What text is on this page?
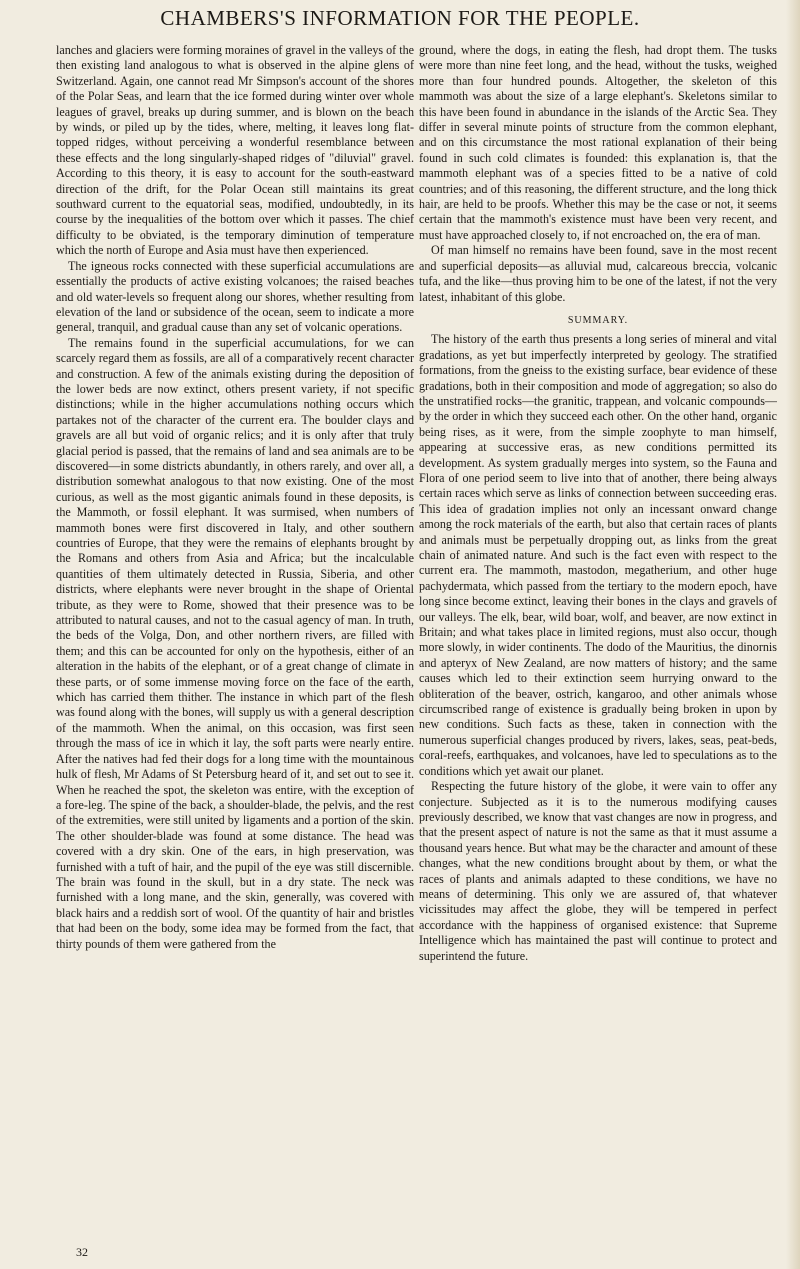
CHAMBERS'S INFORMATION FOR THE PEOPLE.

lanches and glaciers were forming moraines of gravel in the valleys of the then existing land analogous to what is observed in the alpine glens of Switzerland. Again, one cannot read Mr Simpson's account of the shores of the Polar Seas, and learn that the ice formed during winter over whole leagues of gravel, breaks up during summer, and is blown on the beach by winds, or piled up by the tides, where, melting, it leaves long flat-topped ridges, without perceiving a wonderful resemblance between these effects and the long singularly-shaped ridges of "diluvial" gravel. According to this theory, it is easy to account for the south-eastward direction of the drift, for the Polar Ocean still maintains its great southward current to the equatorial seas, modified, undoubtedly, in its course by the inequalities of the bottom over which it passes. The chief difficulty to be obviated, is the temporary diminution of temperature which the north of Europe and Asia must have then experienced.

The igneous rocks connected with these superficial accumulations are essentially the products of active existing volcanoes; the raised beaches and old water-levels so frequent along our shores, whether resulting from elevation of the land or subsidence of the ocean, seem to indicate a more general, tranquil, and gradual cause than any set of volcanic operations.

The remains found in the superficial accumulations, for we can scarcely regard them as fossils, are all of a comparatively recent character and construction. A few of the animals existing during the deposition of the lower beds are now extinct, others present variety, if not specific distinctions; while in the higher accumulations nothing occurs which partakes not of the character of the current era. The boulder clays and gravels are all but void of organic relics; and it is only after that truly glacial period is passed, that the remains of land and sea animals are to be discovered—in some districts abundantly, in others rarely, and over all, a distribution somewhat analogous to that now existing. One of the most curious, as well as the most gigantic animals found in these deposits, is the Mammoth, or fossil elephant. It was surmised, when numbers of mammoth bones were first discovered in Italy, and other southern countries of Europe, that they were the remains of elephants brought by the Romans and others from Asia and Africa; but the incalculable quantities of them ultimately detected in Russia, Siberia, and other districts, where elephants were never brought in the shape of Oriental tribute, as they were to Rome, showed that their presence was to be attributed to natural causes, and not to the casual agency of man. In truth, the beds of the Volga, Don, and other northern rivers, are filled with them; and this can be accounted for only on the hypothesis, either of an alteration in the habits of the elephant, or of a great change of climate in these parts, or of some immense moving force on the face of the earth, which has carried them thither. The instance in which part of the flesh was found along with the bones, will supply us with a general description of the mammoth. When the animal, on this occasion, was first seen through the mass of ice in which it lay, the soft parts were nearly entire. After the natives had fed their dogs for a long time with the mountainous hulk of flesh, Mr Adams of St Petersburg heard of it, and set out to see it. When he reached the spot, the skeleton was entire, with the exception of a fore-leg. The spine of the back, a shoulder-blade, the pelvis, and the rest of the extremities, were still united by ligaments and a portion of the skin. The other shoulder-blade was found at some distance. The head was covered with a dry skin. One of the ears, in high preservation, was furnished with a tuft of hair, and the pupil of the eye was still discernible. The brain was found in the skull, but in a dry state. The neck was furnished with a long mane, and the skin, generally, was covered with black hairs and a reddish sort of wool. Of the quantity of hair and bristles that had been on the body, some idea may be formed from the fact, that thirty pounds of them were gathered from the

ground, where the dogs, in eating the flesh, had dropt them. The tusks were more than nine feet long, and the head, without the tusks, weighed more than four hundred pounds. Altogether, the skeleton of this mammoth was about the size of a large elephant's. Skeletons similar to this have been found in abundance in the islands of the Arctic Sea. They differ in several minute points of structure from the common elephant, and on this circumstance the most rational explanation of their being found in such cold climates is founded: this explanation is, that the mammoth elephant was of a species fitted to be a native of cold countries; and of this reasoning, the different structure, and the long thick hair, are held to be proofs. Whether this may be the case or not, it seems certain that the mammoth's existence must have been very recent, and must have approached closely to, if not encroached on, the era of man.

Of man himself no remains have been found, save in the most recent and superficial deposits—as alluvial mud, calcareous breccia, volcanic tufa, and the like—thus proving him to be one of the latest, if not the very latest, inhabitant of this globe.

SUMMARY.

The history of the earth thus presents a long series of mineral and vital gradations, as yet but imperfectly interpreted by geology. The stratified formations, from the gneiss to the existing surface, bear evidence of these gradations, both in their composition and mode of aggregation; so also do the unstratified rocks—the granitic, trappean, and volcanic compounds—by the order in which they succeed each other. On the other hand, organic being rises, as it were, from the simple zoophyte to man himself, appearing at successive eras, as new conditions permitted its development. As system gradually merges into system, so the Fauna and Flora of one period seem to live into that of another, there being always certain races which serve as links of connection between succeeding eras. This idea of gradation implies not only an incessant onward change among the rock materials of the earth, but also that certain races of plants and animals must be perpetually dropping out, as links from the great chain of animated nature. And such is the fact even with respect to the current era. The mammoth, mastodon, megatherium, and other huge pachydermata, which passed from the tertiary to the modern epoch, have long since become extinct, leaving their bones in the clays and gravels of our valleys. The elk, bear, wild boar, wolf, and beaver, are now extinct in Britain; and what takes place in limited regions, must also occur, though more slowly, in wider continents. The dodo of the Mauritius, the dinornis and apteryx of New Zealand, are now matters of history; and the same causes which led to their extinction seem hurrying onward to the obliteration of the beaver, ostrich, kangaroo, and other animals whose circumscribed range of existence is gradually being broken in upon by new conditions. Such facts as these, taken in connection with the numerous superficial changes produced by rivers, lakes, seas, peat-beds, coral-reefs, earthquakes, and volcanoes, have led to speculations as to the conditions which yet await our planet.

Respecting the future history of the globe, it were vain to offer any conjecture. Subjected as it is to the numerous modifying causes previously described, we know that vast changes are now in progress, and that the present aspect of nature is not the same as that it must assume a thousand years hence. But what may be the character and amount of these changes, what the new conditions brought about by them, or what the races of plants and animals adapted to these conditions, we have no means of determining. This only we are assured of, that whatever vicissitudes may affect the globe, they will be tempered in perfect accordance with the happiness of organised existence: that Supreme Intelligence which has maintained the past will continue to protect and superintend the future.

32
